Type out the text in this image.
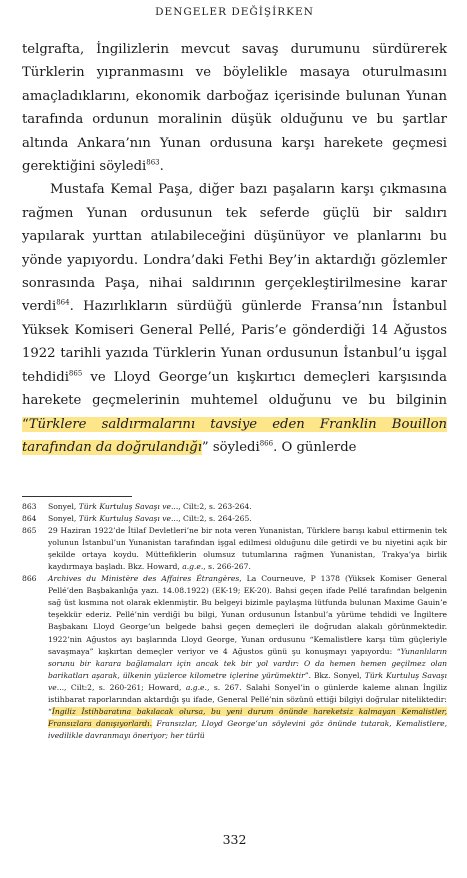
DENGELER DEĞİŞİRKEN

telgrafta, İngilizlerin mevcut savaş durumunu sürdürerek Türklerin yıpranmasını ve böylelikle masaya oturulmasını amaçladıklarını, ekonomik darboğaz içerisinde bulunan Yunan tarafında ordunun moralinin düşük olduğunu ve bu şartlar altında Ankara’nın Yunan ordusuna karşı harekete geçmesi gerektiğini söyledi$^{863}$.

Mustafa Kemal Paşa, diğer bazı paşaların karşı çıkmasına rağmen Yunan ordusunun tek seferde güçlü bir saldırı yapılarak yurttan atılabileceğini düşünüyor ve planlarını bu yönde yapıyordu. Londra’daki Fethi Bey’in aktardığı gözlemler sonrasında Paşa, nihai saldırının gerçekleştirilmesine karar verdi$^{864}$. Hazırlıkların sürdüğü günlerde Fransa’nın İstanbul Yüksek Komiseri General Pellé, Paris’e gönderdiği 14 Ağustos 1922 tarihli yazıda Türklerin Yunan ordusunun İstanbul’u işgal tehdidi$^{865}$ ve Lloyd George’un kışkırtıcı demeçleri karşısında harekete geçmelerinin muhtemel olduğunu ve bu bilginin “Türklere saldırmalarını tavsiye eden Franklin Bouillon tarafından da doğrulandığı” söyledi$^{866}$. O günlerde

863	Sonyel, Türk Kurtuluş Savaşı ve..., Cilt:2, s. 263-264.
864	Sonyel, Türk Kurtuluş Savaşı ve..., Cilt:2, s. 264-265.
865	29 Haziran 1922’de İtilaf Devletleri’ne bir nota veren Yunanistan, Türklere barışı kabul ettirmenin tek yolunun İstanbul’un Yunanistan tarafından işgal edilmesi olduğunu dile getirdi ve bu niyetini açık bir şekilde ortaya koydu. Müttefiklerin olumsuz tutumlarına rağmen Yunanistan, Trakya’ya birlik kaydırmaya başladı. Bkz. Howard, a.g.e., s. 266-267.
866	Archives du Ministère des Affaires Étrangères, La Courneuve, P 1378 (Yüksek Komiser General Pellé’den Başbakanlığa yazı. 14.08.1922) (EK-19; EK-20). Bahsi geçen ifade Pellé tarafından belgenin sağ üst kısmına not olarak eklenmiştir. Bu belgeyi bizimle paylaşma lütfunda bulunan Maxime Gauin’e teşekkür ederiz. Pellé’nin verdiği bu bilgi, Yunan ordusunun İstanbul’a yürüme tehdidi ve İngiltere Başbakanı Lloyd George’un belgede bahsi geçen demeçleri ile doğrudan alakalı görünmektedir. 1922’nin Ağustos ayı başlarında Lloyd George, Yunan ordusunu “Kemalistlere karşı tüm güçleriyle savaşmaya” kışkırtan demeçler veriyor ve 4 Ağustos günü şu konuşmayı yapıyordu: “Yunanlıların sorunu bir karara bağlamaları için ancak tek bir yol vardır: O da hemen hemen geçilmez olan barikatları aşarak, ülkenin yüzlerce kilometre içlerine yürümektir”. Bkz. Sonyel, Türk Kurtuluş Savaşı ve..., Cilt:2, s. 260-261; Howard, a.g.e., s. 267. Salahi Sonyel’in o günlerde kaleme alınan İngiliz istihbarat raporlarından aktardığı şu ifade, General Pellé’nin sözünü ettiği bilgiyi doğrular niteliktedir: “İngiliz İstihbaratına bakılacak olursa, bu yeni durum önünde hareketsiz kalmayan Kemalistler, Fransızlara danışıyorlardı. Fransızlar, Lloyd George’un söylevini göz önünde tutarak, Kemalistlere, ivedilikle davranmayı öneriyor; her türlü
332
